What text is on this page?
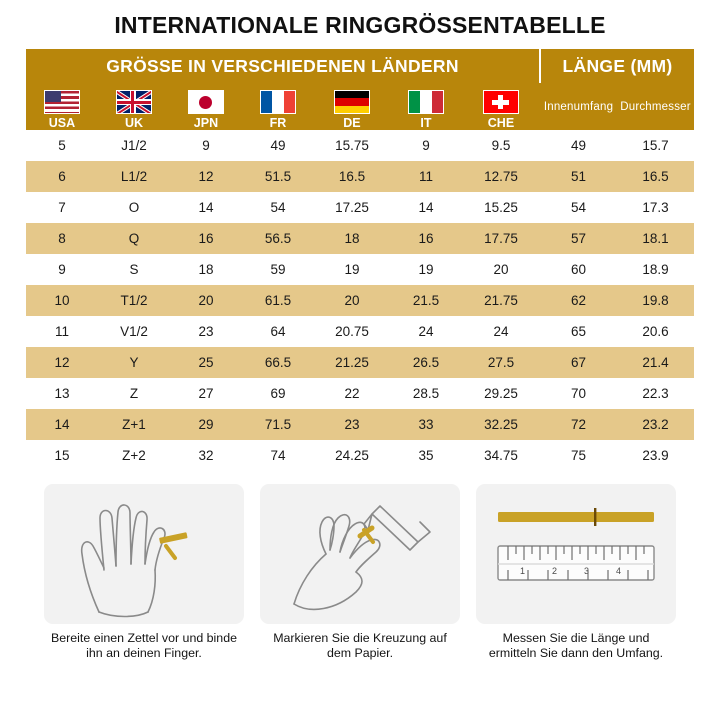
INTERNATIONALE RINGGRÖSSENTABELLE
GRÖSSE IN VERSCHIEDENEN LÄNDERN							LÄNGE (MM)	

USA	UK	JPN	FR	DE	IT	CHE	Innenumfang	Durchmesser
5	J1/2	9	49	15.75	9	9.5	49	15.7
6	L1/2	12	51.5	16.5	11	12.75	51	16.5
7	O	14	54	17.25	14	15.25	54	17.3
8	Q	16	56.5	18	16	17.75	57	18.1
9	S	18	59	19	19	20	60	18.9
10	T1/2	20	61.5	20	21.5	21.75	62	19.8
11	V1/2	23	64	20.75	24	24	65	20.6
12	Y	25	66.5	21.25	26.5	27.5	67	21.4
13	Z	27	69	22	28.5	29.25	70	22.3
14	Z+1	29	71.5	23	33	32.25	72	23.2
15	Z+2	32	74	24.25	35	34.75	75	23.9
Bereite einen Zettel vor und binde ihn an deinen Finger.
Markieren Sie die Kreuzung auf dem Papier.
1	2	3	4
Messen Sie die Länge und ermitteln Sie dann den Umfang.
